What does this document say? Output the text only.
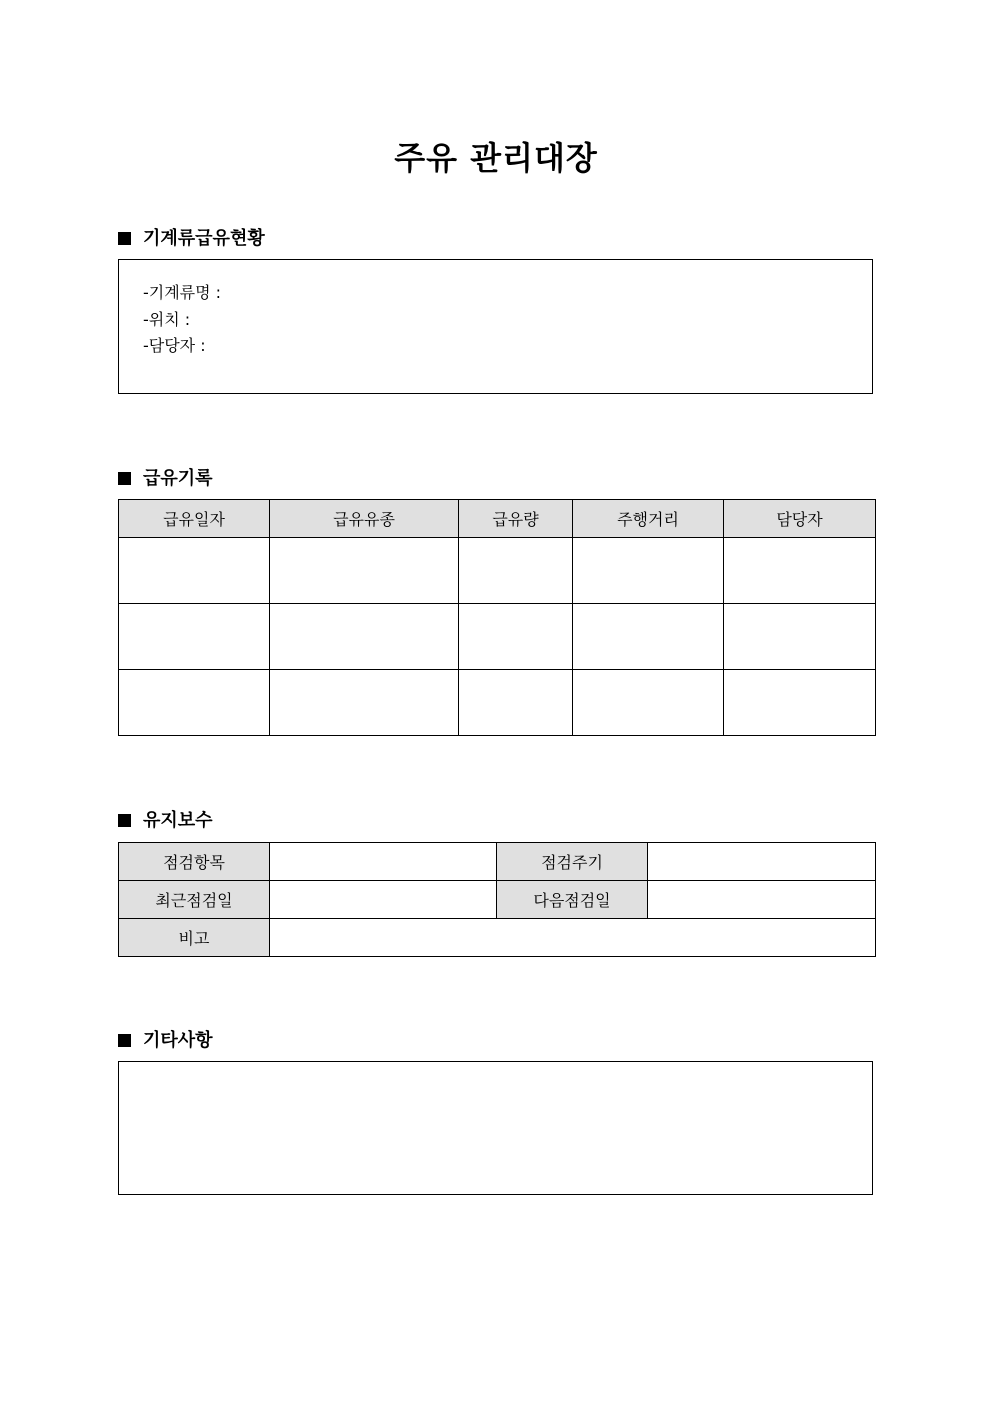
주유 관리대장
기계류급유현황
-기계류명 :
-위치 :
-담당자 :
급유기록
급유일자	급유유종	급유량	주행거리	담당자

유지보수
점검항목		점검주기	
최근점검일		다음점검일	
비고			
기타사항
